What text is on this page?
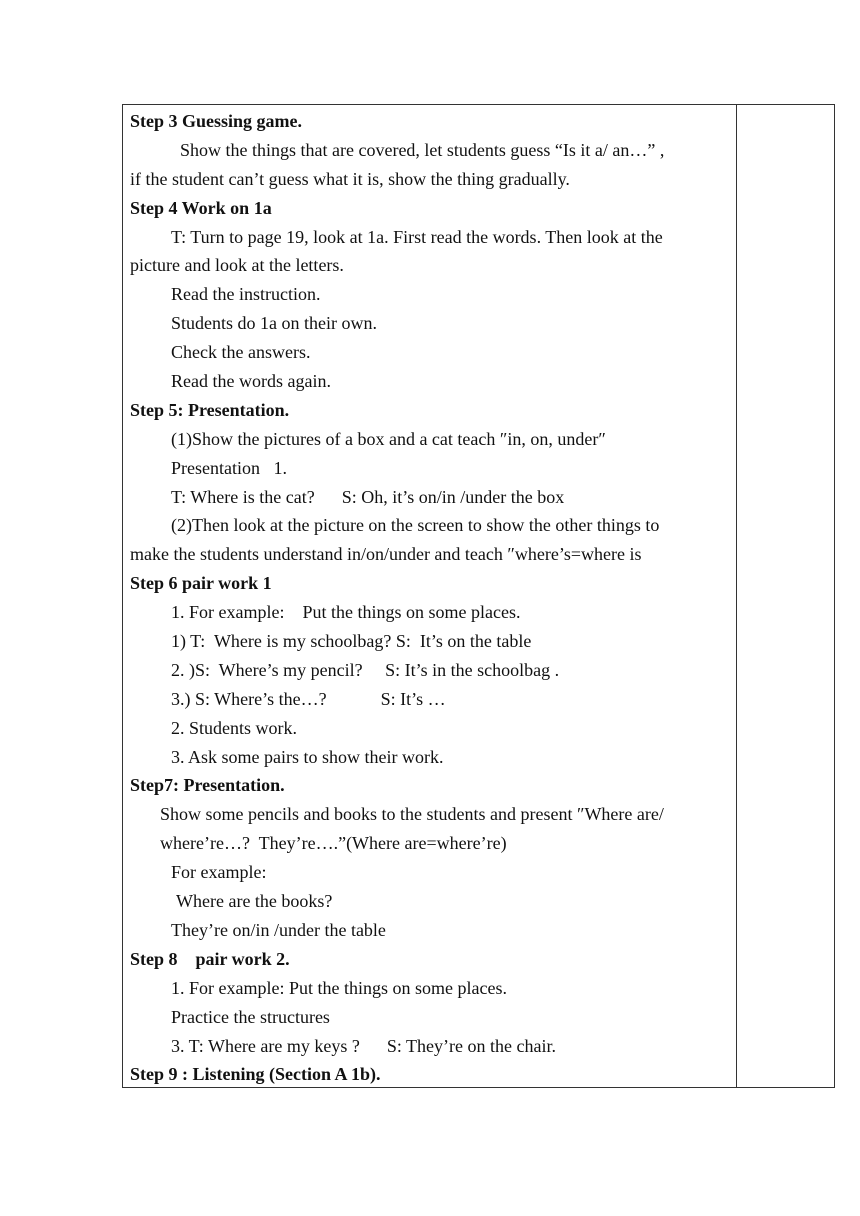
Step 3 Guessing game.
Show the things that are covered, let students guess “Is it a/ an…” ,
if the student can’t guess what it is, show the thing gradually.
Step 4 Work on 1a
T: Turn to page 19, look at 1a. First read the words. Then look at the
picture and look at the letters.
Read the instruction.
Students do 1a on their own.
Check the answers.
Read the words again.
Step 5: Presentation.
(1)Show the pictures of a box and a cat teach ″in, on, under″
Presentation   1.
T: Where is the cat?      S: Oh, it’s on/in /under the box
(2)Then look at the picture on the screen to show the other things to
make the students understand in/on/under and teach ″where’s=where is
Step 6 pair work 1
1. For example:    Put the things on some places.
1) T:  Where is my schoolbag? S:  It’s on the table
2. )S:  Where’s my pencil?     S: It’s in the schoolbag .
3.) S: Where’s the…?            S: It’s …
2. Students work.
3. Ask some pairs to show their work.
Step7: Presentation.
Show some pencils and books to the students and present ″Where are/
where’re…?  They’re….”(Where are=where’re)
For example:
Where are the books?
They’re on/in /under the table
Step 8    pair work 2.
1. For example: Put the things on some places.
Practice the structures
3. T: Where are my keys ?      S: They’re on the chair.
Step 9 : Listening (Section A 1b).
